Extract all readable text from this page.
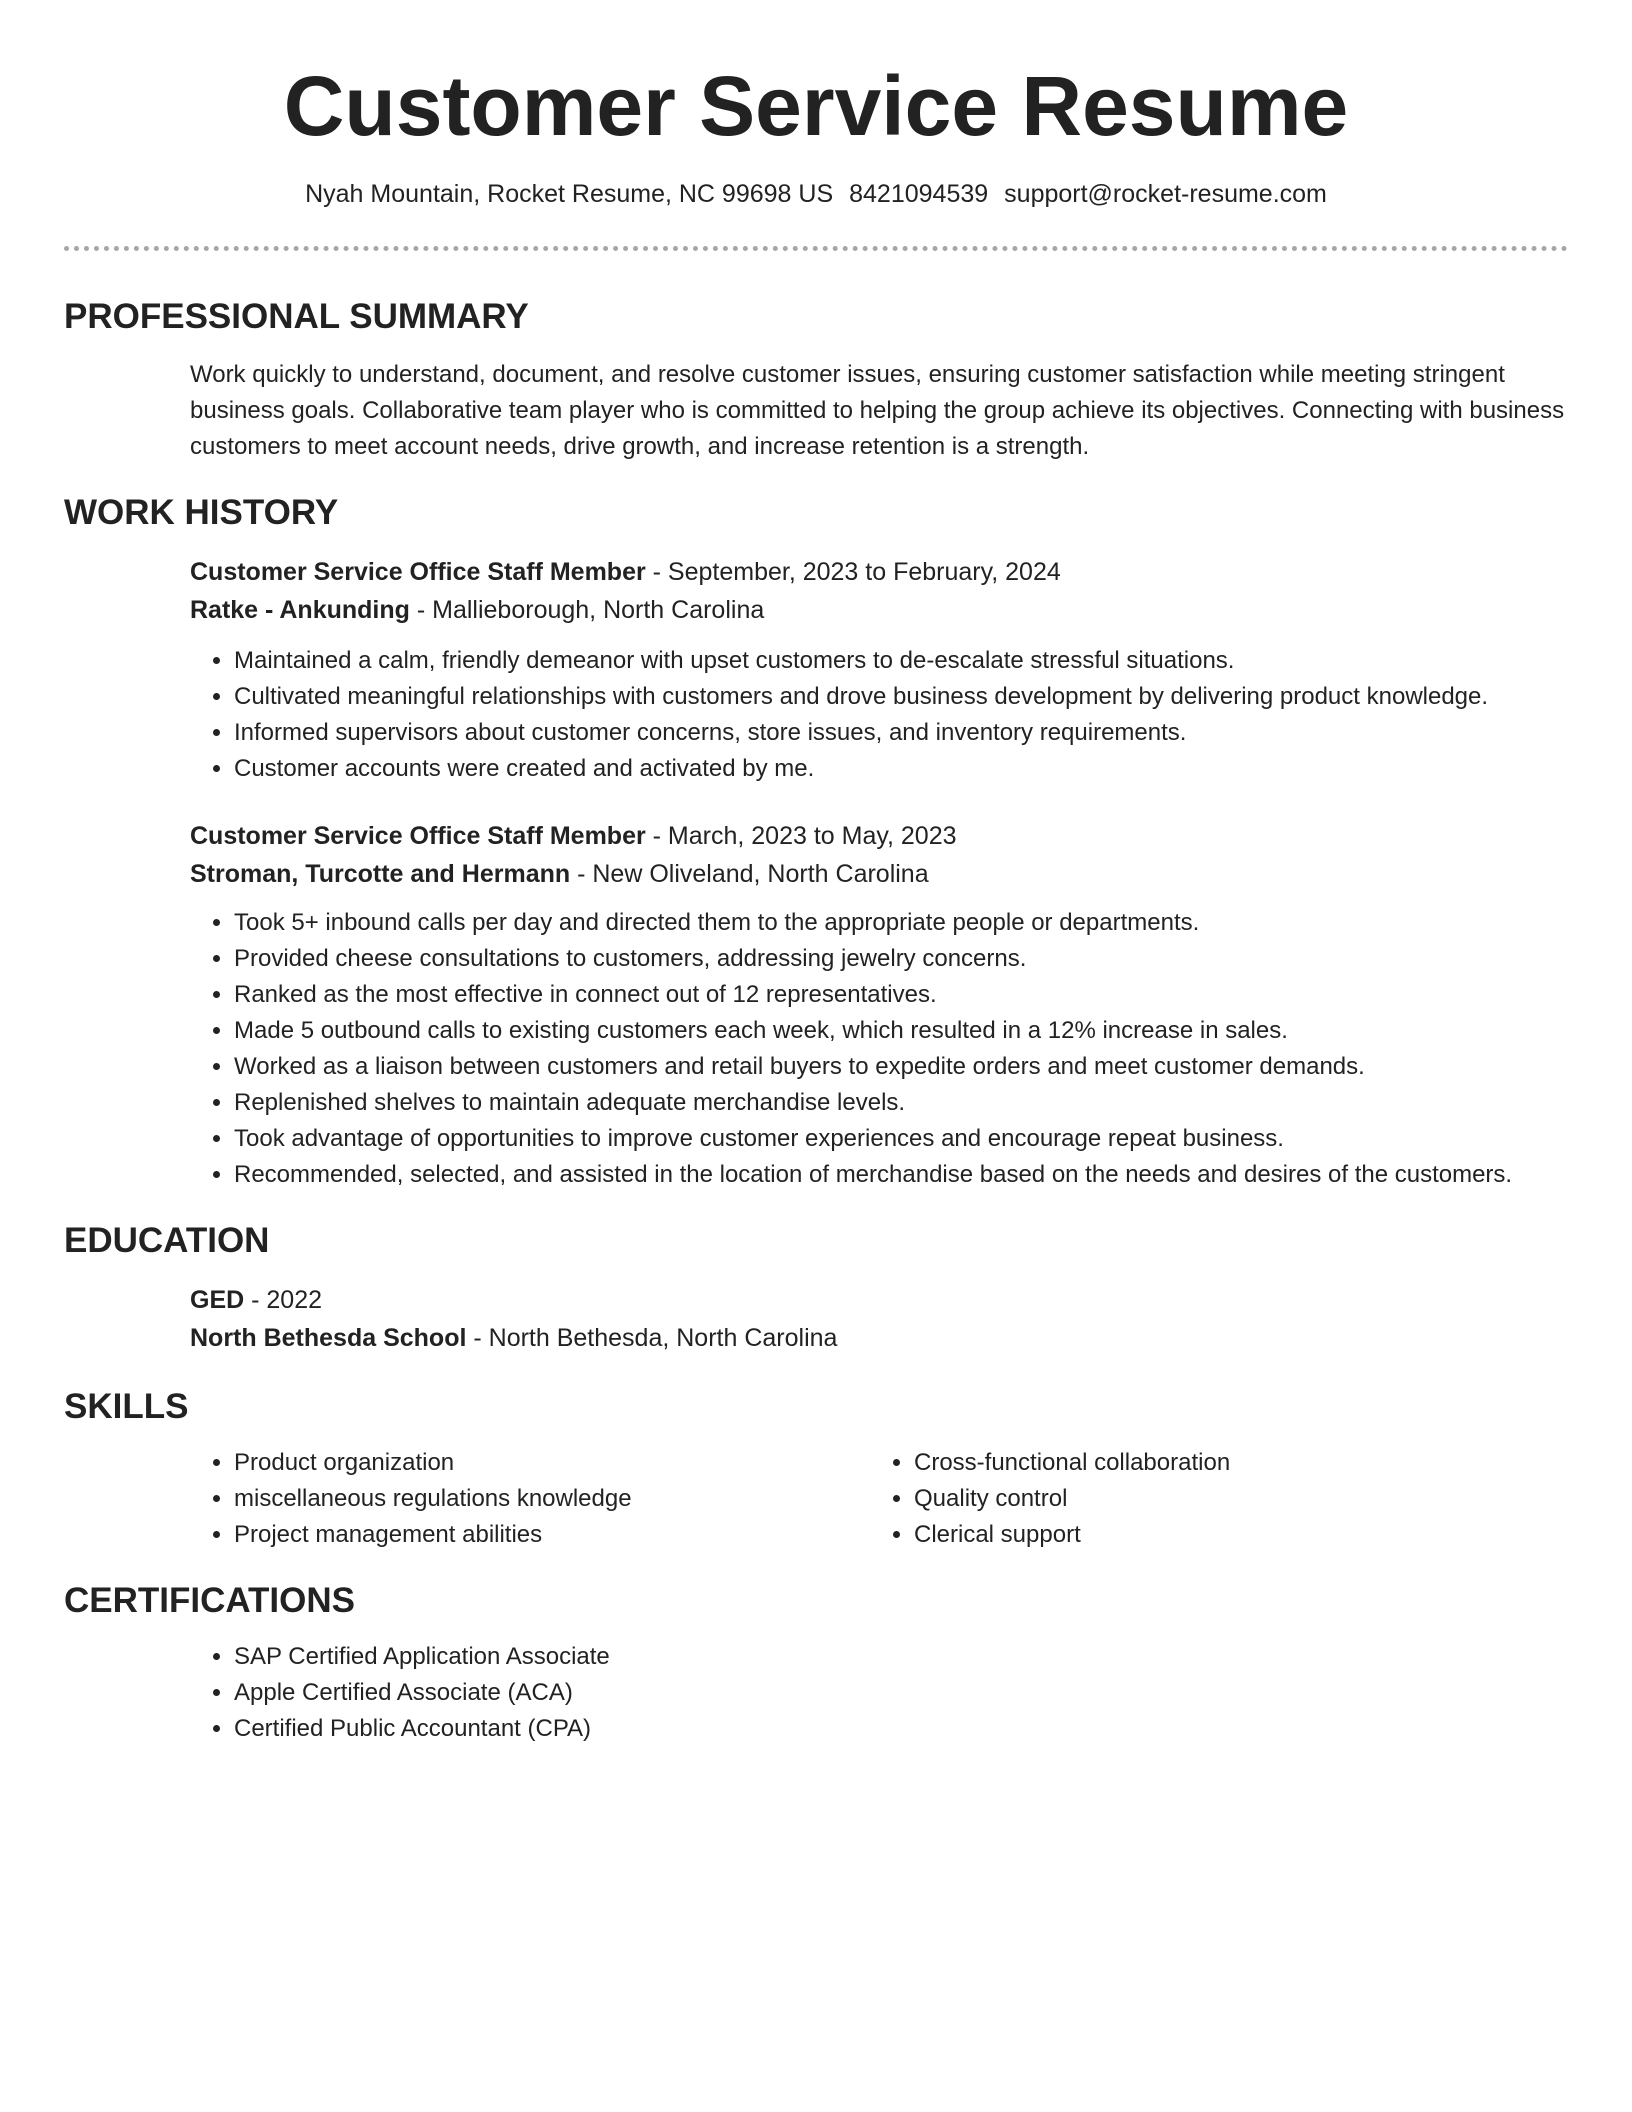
Customer Service Resume
Nyah Mountain, Rocket Resume, NC 99698 US 8421094539 support@rocket-resume.com
PROFESSIONAL SUMMARY

Work quickly to understand, document, and resolve customer issues, ensuring customer satisfaction while meeting stringent business goals. Collaborative team player who is committed to helping the group achieve its objectives. Connecting with business customers to meet account needs, drive growth, and increase retention is a strength.

WORK HISTORY
Customer Service Office Staff Member - September, 2023 to February, 2024
Ratke - Ankunding - Mallieborough, North Carolina
• Maintained a calm, friendly demeanor with upset customers to de-escalate stressful situations.
• Cultivated meaningful relationships with customers and drove business development by delivering product knowledge.
• Informed supervisors about customer concerns, store issues, and inventory requirements.
• Customer accounts were created and activated by me.
Customer Service Office Staff Member - March, 2023 to May, 2023
Stroman, Turcotte and Hermann - New Oliveland, North Carolina
• Took 5+ inbound calls per day and directed them to the appropriate people or departments.
• Provided cheese consultations to customers, addressing jewelry concerns.
• Ranked as the most effective in connect out of 12 representatives.
• Made 5 outbound calls to existing customers each week, which resulted in a 12% increase in sales.
• Worked as a liaison between customers and retail buyers to expedite orders and meet customer demands.
• Replenished shelves to maintain adequate merchandise levels.
• Took advantage of opportunities to improve customer experiences and encourage repeat business.
• Recommended, selected, and assisted in the location of merchandise based on the needs and desires of the customers.
EDUCATION
GED - 2022
North Bethesda School - North Bethesda, North Carolina
SKILLS
• Product organization
• miscellaneous regulations knowledge
• Project management abilities
• Cross-functional collaboration
• Quality control
• Clerical support
CERTIFICATIONS
• SAP Certified Application Associate
• Apple Certified Associate (ACA)
• Certified Public Accountant (CPA)
